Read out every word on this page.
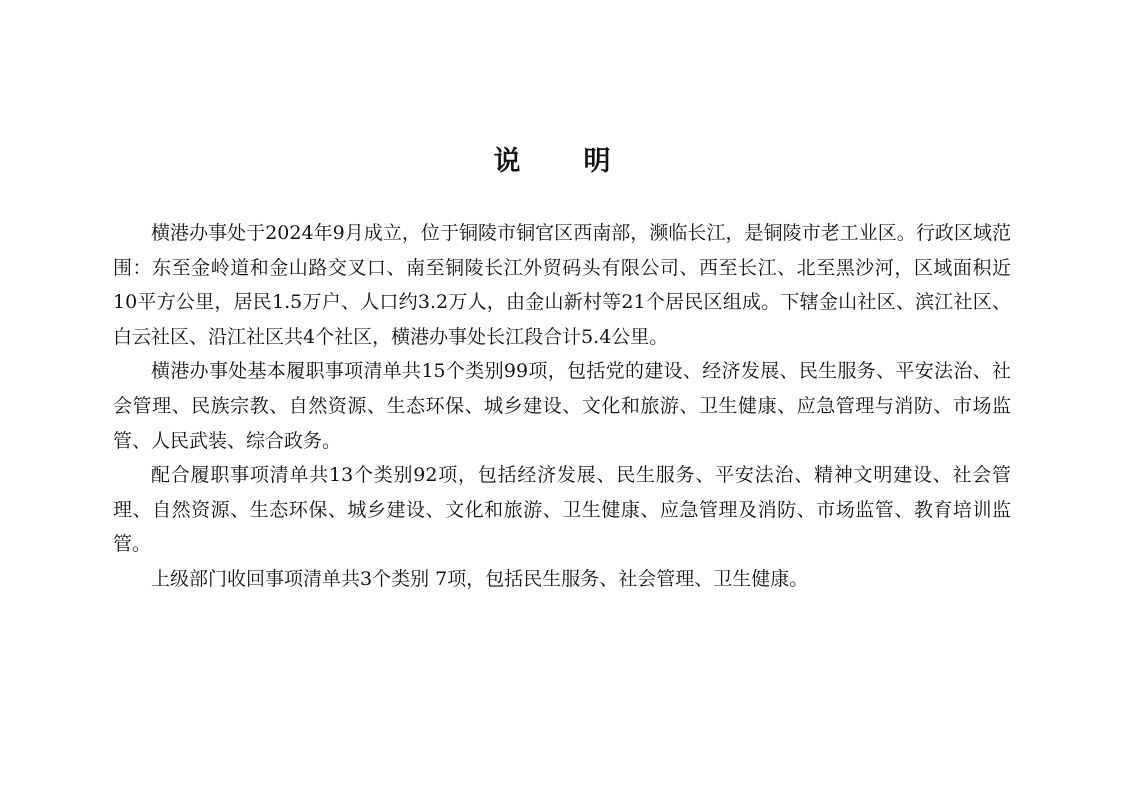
说　明

横港办事处于2024年9月成立，位于铜陵市铜官区西南部，濒临长江，是铜陵市老工业区。行政区域范围：东至金岭道和金山路交叉口、南至铜陵长江外贸码头有限公司、西至长江、北至黑沙河，区域面积近10平方公里，居民1.5万户、人口约3.2万人，由金山新村等21个居民区组成。下辖金山社区、滨江社区、白云社区、沿江社区共4个社区，横港办事处长江段合计5.4公里。

横港办事处基本履职事项清单共15个类别99项，包括党的建设、经济发展、民生服务、平安法治、社会管理、民族宗教、自然资源、生态环保、城乡建设、文化和旅游、卫生健康、应急管理与消防、市场监管、人民武装、综合政务。

配合履职事项清单共13个类别92项，包括经济发展、民生服务、平安法治、精神文明建设、社会管理、自然资源、生态环保、城乡建设、文化和旅游、卫生健康、应急管理及消防、市场监管、教育培训监管。

上级部门收回事项清单共3个类别 7项，包括民生服务、社会管理、卫生健康。
